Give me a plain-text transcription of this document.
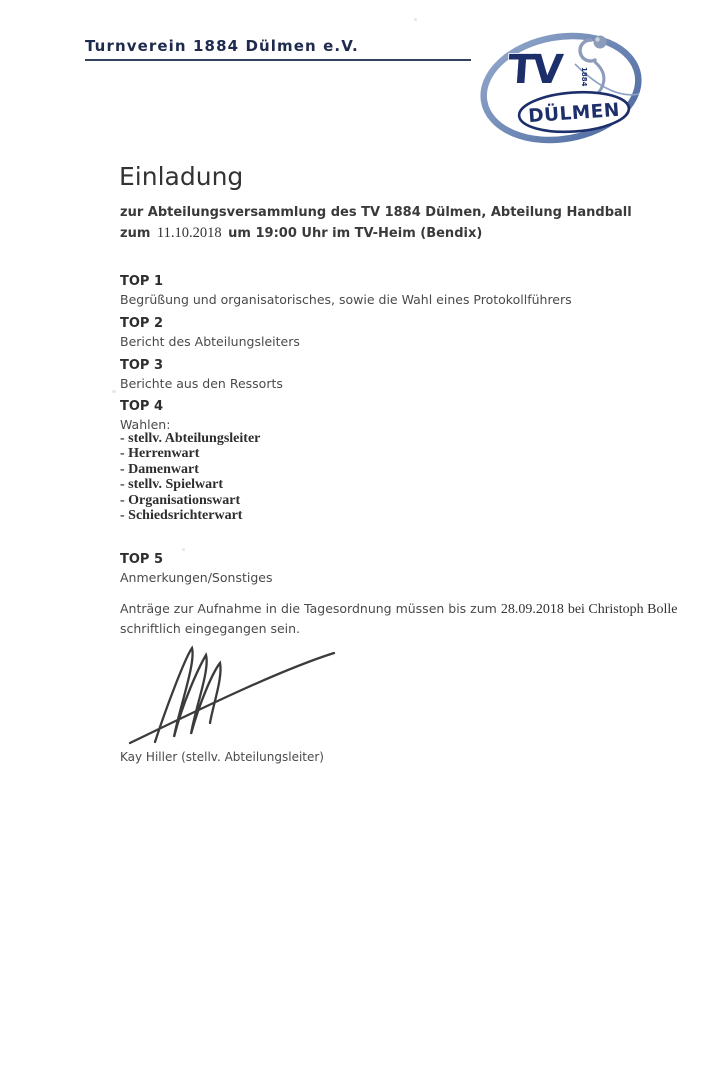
Turnverein 1884 Dülmen e.V.
TV	1884
DÜLMEN
Einladung
zur Abteilungsversammlung des TV 1884 Dülmen, Abteilung Handball
zum 11.10.2018 um 19:00 Uhr im TV-Heim (Bendix)
TOP 1
Begrüßung und organisatorisches, sowie die Wahl eines Protokollführers
TOP 2
Bericht des Abteilungsleiters
TOP 3
Berichte aus den Ressorts
TOP 4
Wahlen:
- stellv. Abteilungsleiter
- Herrenwart
- Damenwart
- stellv. Spielwart
- Organisationswart
- Schiedsrichterwart
TOP 5
Anmerkungen/Sonstiges
Anträge zur Aufnahme in die Tagesordnung müssen bis zum 28.09.2018 bei Christoph Bolle
schriftlich eingegangen sein.
Kay Hiller (stellv. Abteilungsleiter)
